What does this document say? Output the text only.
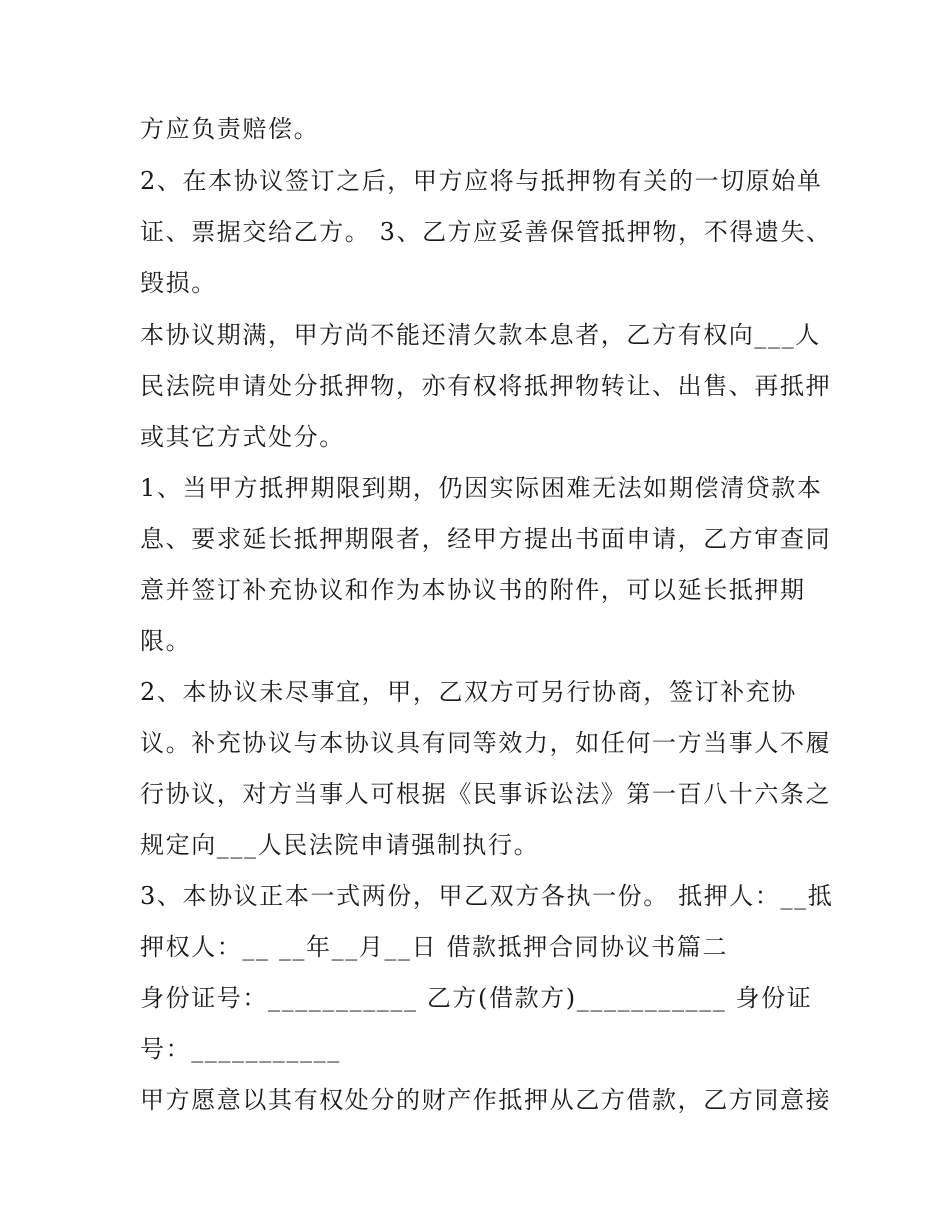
方应负责赔偿。
2、在本协议签订之后，甲方应将与抵押物有关的一切原始单
证、票据交给乙方。 3、乙方应妥善保管抵押物，不得遗失、
毁损。
本协议期满，甲方尚不能还清欠款本息者，乙方有权向___人
民法院申请处分抵押物，亦有权将抵押物转让、出售、再抵押
或其它方式处分。
1、当甲方抵押期限到期，仍因实际困难无法如期偿清贷款本
息、要求延长抵押期限者，经甲方提出书面申请，乙方审查同
意并签订补充协议和作为本协议书的附件，可以延长抵押期
限。
2、本协议未尽事宜，甲，乙双方可另行协商，签订补充协
议。补充协议与本协议具有同等效力，如任何一方当事人不履
行协议，对方当事人可根据《民事诉讼法》第一百八十六条之
规定向___人民法院申请强制执行。
3、本协议正本一式两份，甲乙双方各执一份。 抵押人：__抵
押权人：__ __年__月__日 借款抵押合同协议书篇二
身份证号：___________ 乙方(借款方)___________ 身份证
号：___________
甲方愿意以其有权处分的财产作抵押从乙方借款，乙方同意接
